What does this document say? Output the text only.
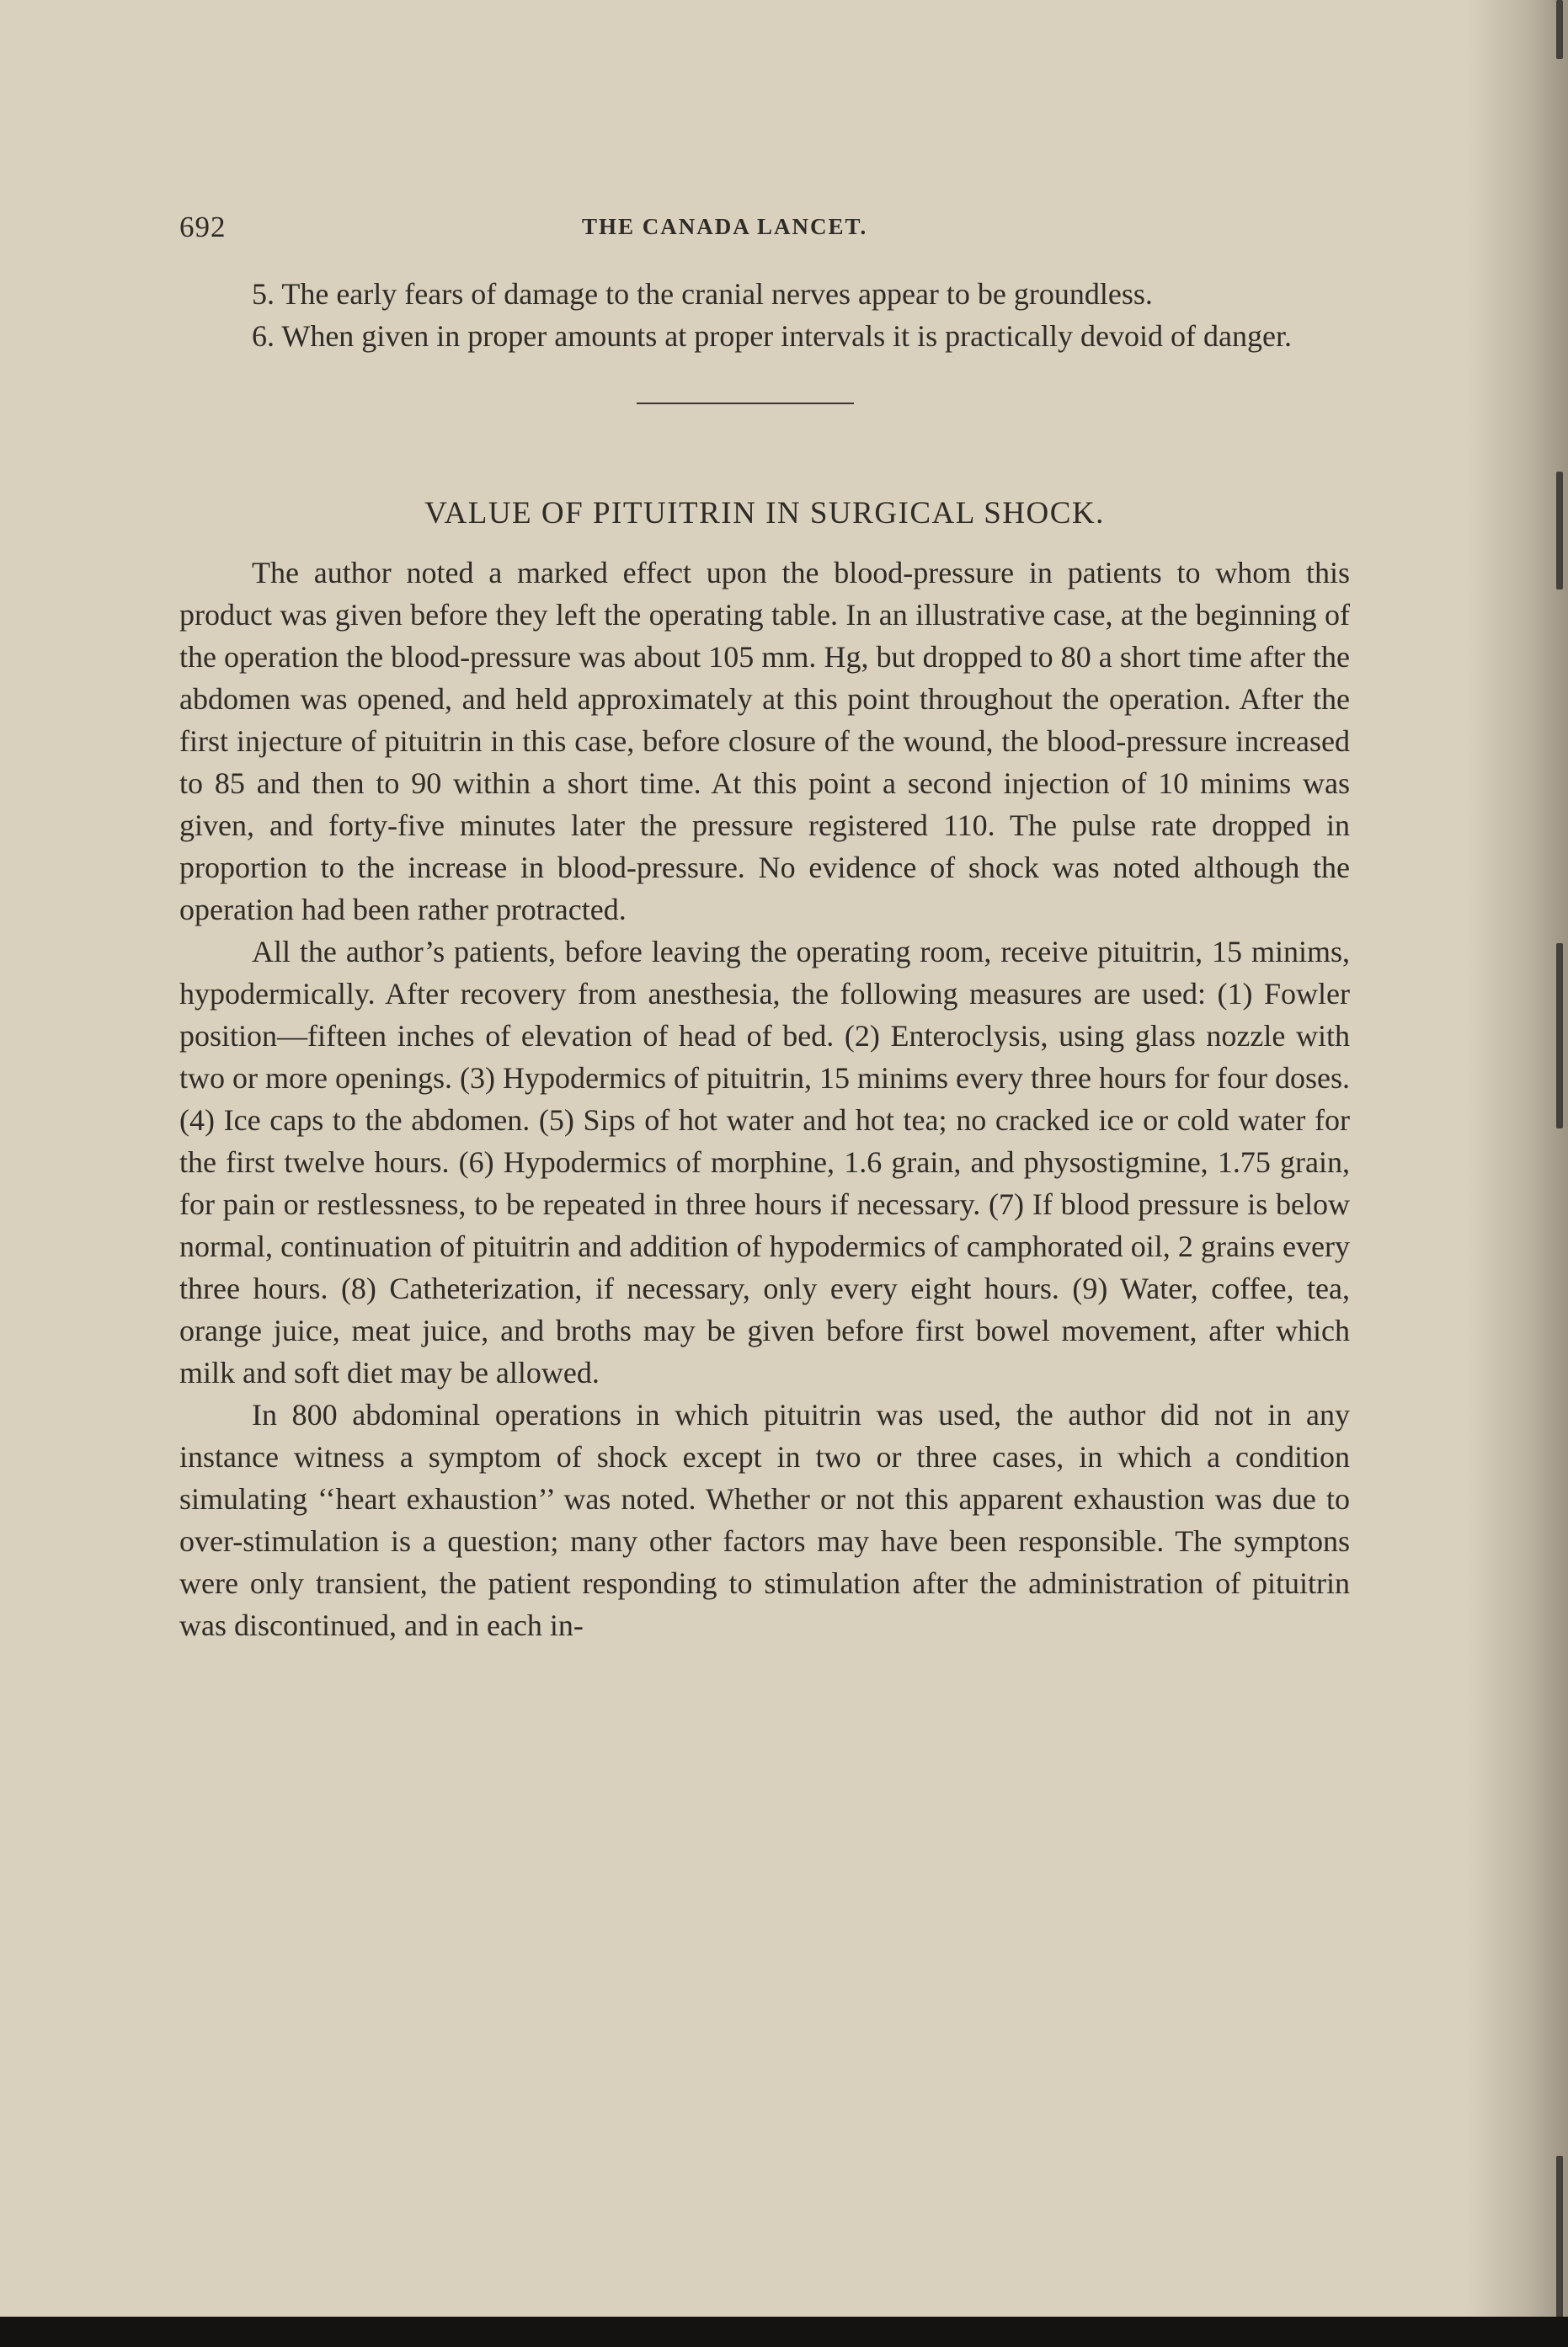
692	THE CANADA LANCET.

5. The early fears of damage to the cranial nerves appear to be groundless.

6. When given in proper amounts at proper intervals it is practically devoid of danger.

VALUE OF PITUITRIN IN SURGICAL SHOCK.

The author noted a marked effect upon the blood-pressure in patients to whom this product was given before they left the operating table. In an illustrative case, at the beginning of the operation the blood-pressure was about 105 mm. Hg, but dropped to 80 a short time after the abdomen was opened, and held approximately at this point throughout the operation. After the first injecture of pituitrin in this case, before closure of the wound, the blood-pressure increased to 85 and then to 90 within a short time. At this point a second injection of 10 minims was given, and forty-five minutes later the pressure registered 110. The pulse rate dropped in proportion to the increase in blood-pressure. No evidence of shock was noted although the operation had been rather protracted.

All the author’s patients, before leaving the operating room, receive pituitrin, 15 minims, hypodermically. After recovery from anesthesia, the following measures are used: (1) Fowler position—fifteen inches of elevation of head of bed. (2) Enteroclysis, using glass nozzle with two or more openings. (3) Hypodermics of pituitrin, 15 minims every three hours for four doses. (4) Ice caps to the abdomen. (5) Sips of hot water and hot tea; no cracked ice or cold water for the first twelve hours. (6) Hypodermics of morphine, 1.6 grain, and physostigmine, 1.75 grain, for pain or restlessness, to be repeated in three hours if necessary. (7) If blood pressure is below normal, continuation of pituitrin and addition of hypodermics of camphorated oil, 2 grains every three hours. (8) Catheterization, if necessary, only every eight hours. (9) Water, coffee, tea, orange juice, meat juice, and broths may be given before first bowel movement, after which milk and soft diet may be allowed.

In 800 abdominal operations in which pituitrin was used, the author did not in any instance witness a symptom of shock except in two or three cases, in which a condition simulating ‘‘heart exhaustion’’ was noted. Whether or not this apparent exhaustion was due to over-stimulation is a question; many other factors may have been responsible. The symptons were only transient, the patient responding to stimulation after the administration of pituitrin was discontinued, and in each in-
